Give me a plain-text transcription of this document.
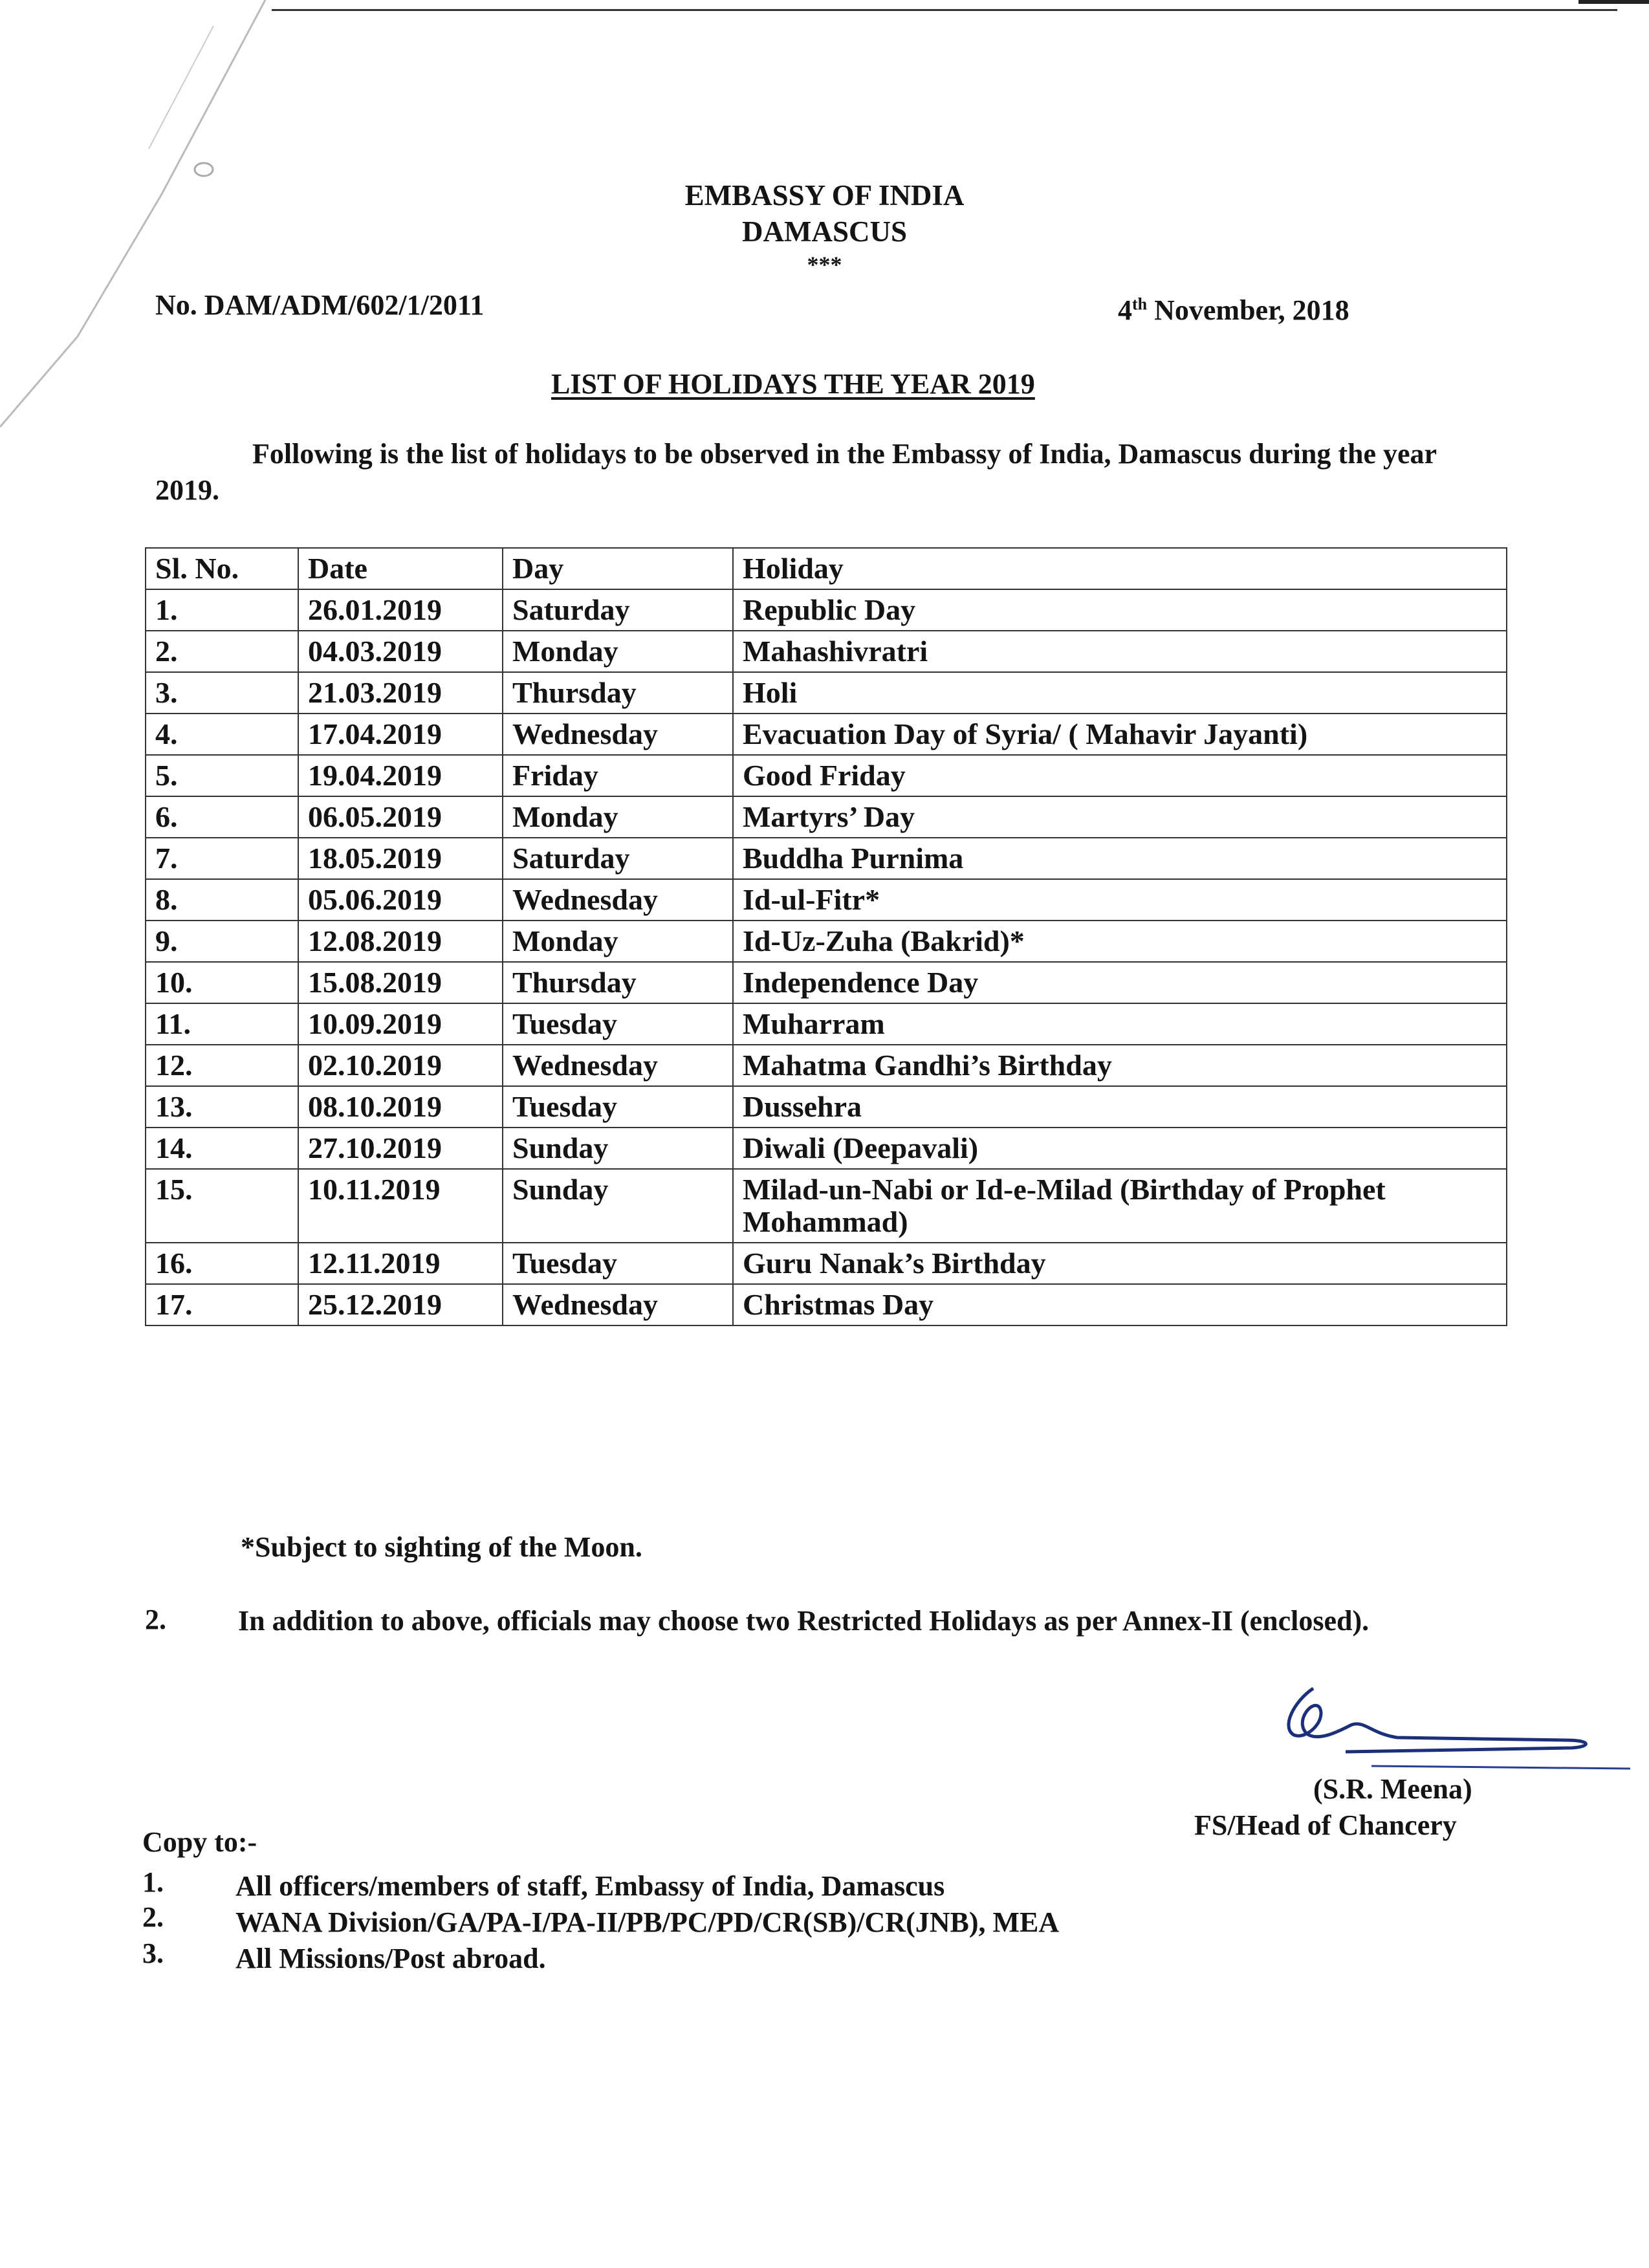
EMBASSY OF INDIA
DAMASCUS
***
No. DAM/ADM/602/1/2011	4th November, 2018
LIST OF HOLIDAYS THE YEAR 2019
Following is the list of holidays to be observed in the Embassy of India, Damascus during the year 2019.
Sl. No.	Date	Day	Holiday
1.	26.01.2019	Saturday	Republic Day
2.	04.03.2019	Monday	Mahashivratri
3.	21.03.2019	Thursday	Holi
4.	17.04.2019	Wednesday	Evacuation Day of Syria/ ( Mahavir Jayanti)
5.	19.04.2019	Friday	Good Friday
6.	06.05.2019	Monday	Martyrs’ Day
7.	18.05.2019	Saturday	Buddha Purnima
8.	05.06.2019	Wednesday	Id-ul-Fitr*
9.	12.08.2019	Monday	Id-Uz-Zuha (Bakrid)*
10.	15.08.2019	Thursday	Independence Day
11.	10.09.2019	Tuesday	Muharram
12.	02.10.2019	Wednesday	Mahatma Gandhi’s Birthday
13.	08.10.2019	Tuesday	Dussehra
14.	27.10.2019	Sunday	Diwali (Deepavali)
15.	10.11.2019	Sunday	Milad-un-Nabi or Id-e-Milad (Birthday of Prophet Mohammad)
16.	12.11.2019	Tuesday	Guru Nanak’s Birthday
17.	25.12.2019	Wednesday	Christmas Day
*Subject to sighting of the Moon.
2.	In addition to above, officials may choose two Restricted Holidays as per Annex-II (enclosed).
(S.R. Meena)
FS/Head of Chancery
Copy to:-
1.	All officers/members of staff, Embassy of India, Damascus
2.	WANA Division/GA/PA-I/PA-II/PB/PC/PD/CR(SB)/CR(JNB), MEA
3.	All Missions/Post abroad.
